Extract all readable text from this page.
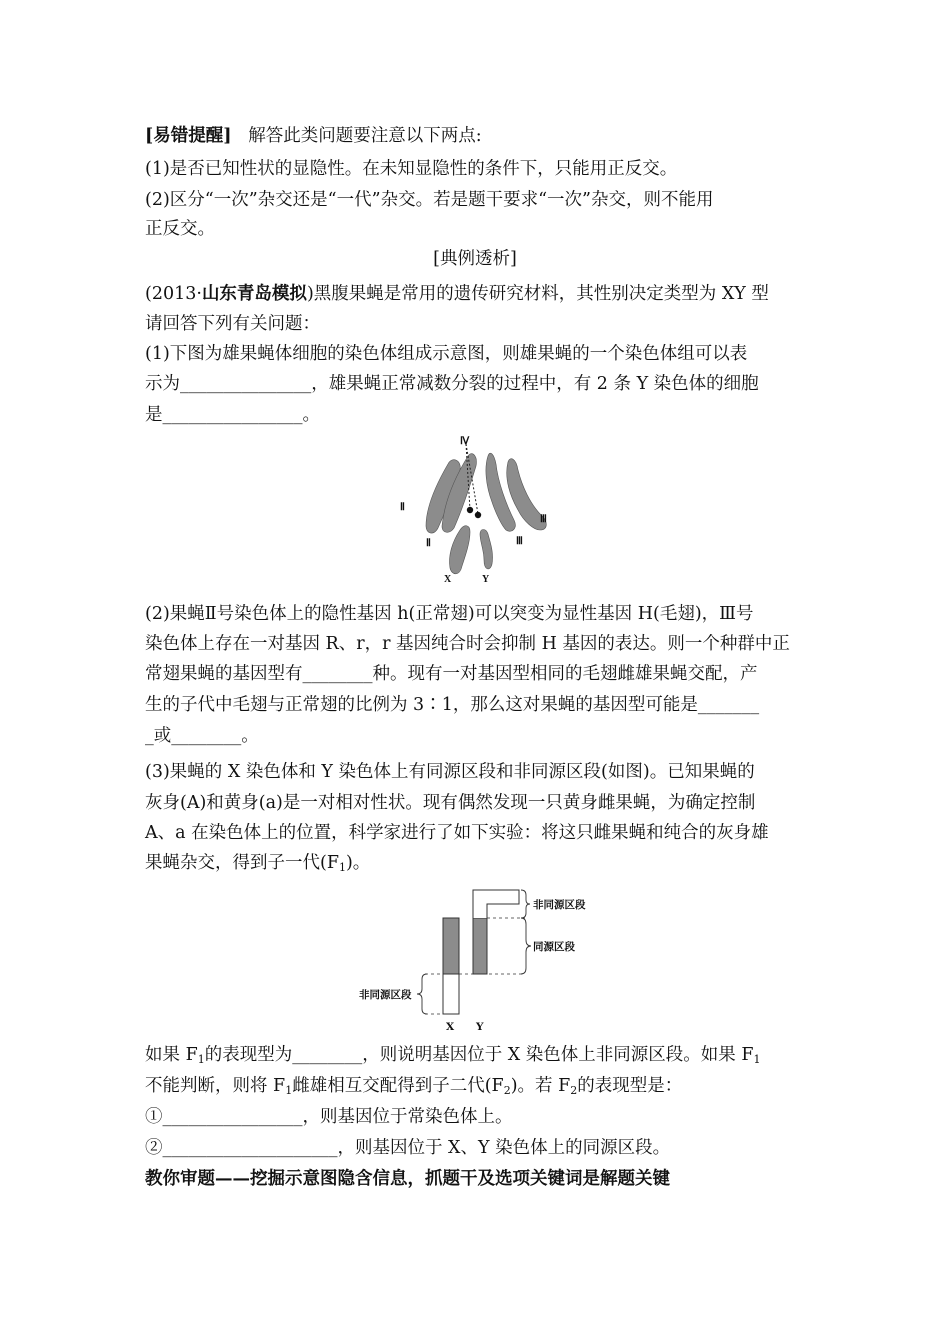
[易错提醒] 解答此类问题要注意以下两点:
(1)是否已知性状的显隐性。在未知显隐性的条件下，只能用正反交。
(2)区分“一次”杂交还是“一代”杂交。若是题干要求“一次”杂交，则不能用
正反交。
[典例透析]
(2013·山东青岛模拟)黑腹果蝇是常用的遗传研究材料，其性别决定类型为 XY 型
请回答下列有关问题：
(1)下图为雄果蝇体细胞的染色体组成示意图，则雄果蝇的一个染色体组可以表
示为_______________，雄果蝇正常减数分裂的过程中，有 2 条 Y 染色体的细胞
是________________。
Ⅳ
Ⅱ
Ⅲ
Ⅱ	Ⅲ
X	Y
(2)果蝇Ⅱ号染色体上的隐性基因 h(正常翅)可以突变为显性基因 H(毛翅)，Ⅲ号
染色体上存在一对基因 R、r，r 基因纯合时会抑制 H 基因的表达。则一个种群中正
常翅果蝇的基因型有________种。现有一对基因型相同的毛翅雌雄果蝇交配，产
生的子代中毛翅与正常翅的比例为 3∶1，那么这对果蝇的基因型可能是_______
_或________。
(3)果蝇的 X 染色体和 Y 染色体上有同源区段和非同源区段(如图)。已知果蝇的
灰身(A)和黄身(a)是一对相对性状。现有偶然发现一只黄身雌果蝇，为确定控制
A、a 在染色体上的位置，科学家进行了如下实验：将这只雌果蝇和纯合的灰身雄
果蝇杂交，得到子一代$(F_1)$。
非同源区段
同源区段
非同源区段
X Y
如果 $F_1$的表现型为________，则说明基因位于 X 染色体上非同源区段。如果 $F_1$
不能判断，则将 $F_1$雌雄相互交配得到子二代$(F_2)$。若 $F_2$的表现型是：
①________________，则基因位于常染色体上。
②____________________，则基因位于 X、Y 染色体上的同源区段。
教你审题——挖掘示意图隐含信息，抓题干及选项关键词是解题关键
